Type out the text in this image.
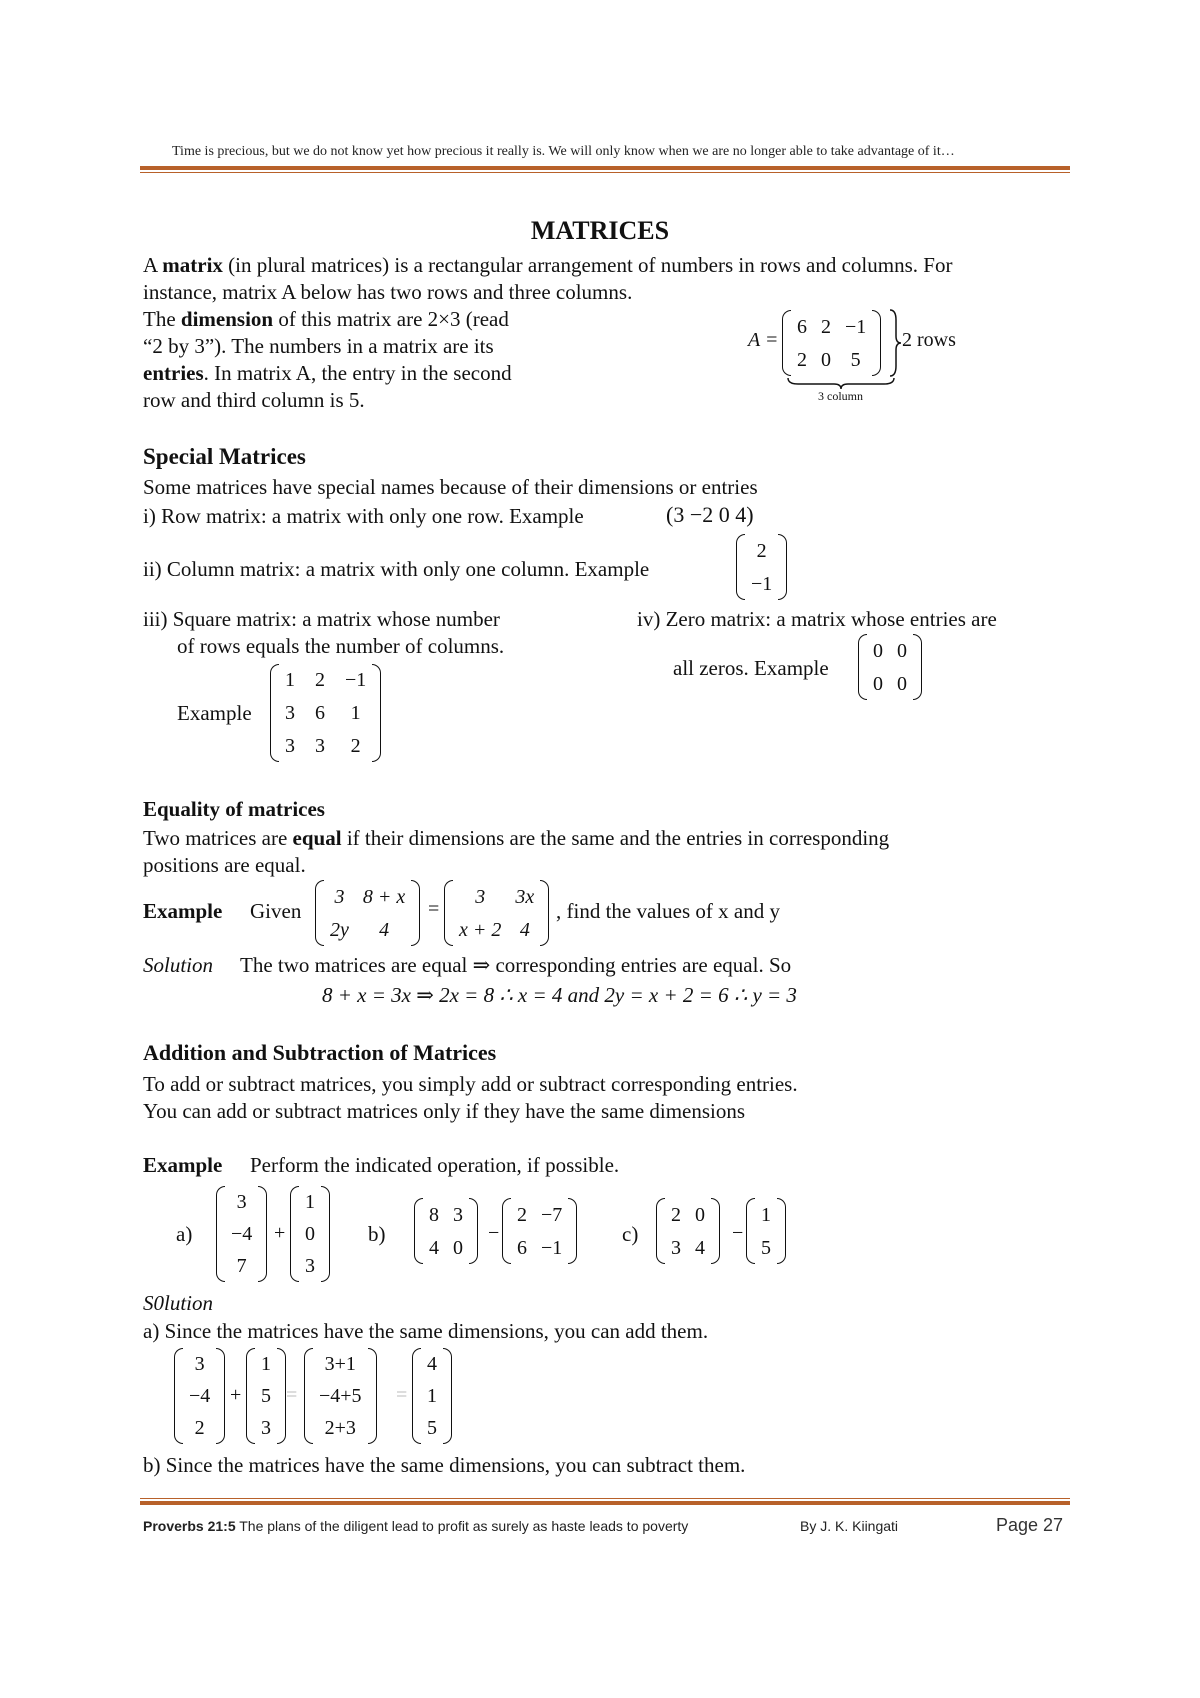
Time is precious, but we do not know yet how precious it really is. We will only know when we are no longer able to take advantage of it…
MATRICES
A matrix (in plural matrices) is a rectangular arrangement of numbers in rows and columns. For
instance, matrix A below has two rows and three columns.
The dimension of this matrix are 2×3 (read
“2 by 3”). The numbers in a matrix are its
entries. In matrix A, the entry in the second
row and third column is 5.
A =
6 2 −1
2 0 5
2 rows
3 column
Special Matrices
Some matrices have special names because of their dimensions or entries
i) Row matrix: a matrix with only one row. Example	(3 −2 0 4)
ii) Column matrix: a matrix with only one column. Example
2
−1
iii) Square matrix: a matrix whose number
of rows equals the number of columns.
Example
1 2 −1
3 6 1
3 3 2
iv) Zero matrix: a matrix whose entries are
all zeros. Example
0 0
0 0
Equality of matrices
Two matrices are equal if their dimensions are the same and the entries in corresponding
positions are equal.
Example Given
3 8 + x
2y 4
=
3 3x
x + 2 4
, find the values of x and y
Solution The two matrices are equal ⇒ corresponding entries are equal. So
8 + x = 3x ⇒ 2x = 8 ∴ x = 4 and 2y = x + 2 = 6 ∴ y = 3
Addition and Subtraction of Matrices
To add or subtract matrices, you simply add or subtract corresponding entries.
You can add or subtract matrices only if they have the same dimensions
Example Perform the indicated operation, if possible.
a)
3
−4
7
+
1
0
3
b)
8 3
4 0
−
2 −7
6 −1
c)
2 0
3 4
−
1
5
S0lution
a) Since the matrices have the same dimensions, you can add them.
3
−4
2
+
1
5
3
=
3+1
−4+5
2+3
=
4
1
5
b) Since the matrices have the same dimensions, you can subtract them.
Proverbs 21:5 The plans of the diligent lead to profit as surely as haste leads to poverty	By J. K. Kiingati	Page 27
